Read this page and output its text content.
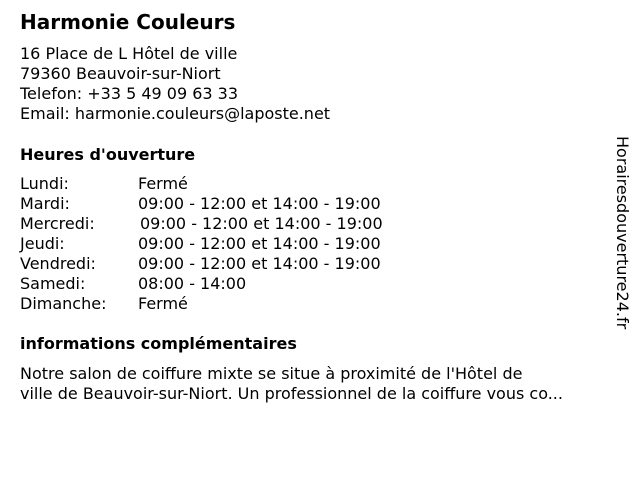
Harmonie Couleurs
16 Place de L Hôtel de ville
79360 Beauvoir-sur-Niort
Telefon: +33 5 49 09 63 33
Email: harmonie.couleurs@laposte.net
Heures d'ouverture
Lundi:	Fermé
Mardi:	09:00 - 12:00 et 14:00 - 19:00
Mercredi:	09:00 - 12:00 et 14:00 - 19:00
Jeudi:	09:00 - 12:00 et 14:00 - 19:00
Vendredi:	09:00 - 12:00 et 14:00 - 19:00
Samedi:	08:00 - 14:00
Dimanche: Fermé
informations complémentaires
Notre salon de coiffure mixte se situe à proximité de l'Hôtel de
ville de Beauvoir-sur-Niort. Un professionnel de la coiffure vous co...
Horairesdouverture24.fr
